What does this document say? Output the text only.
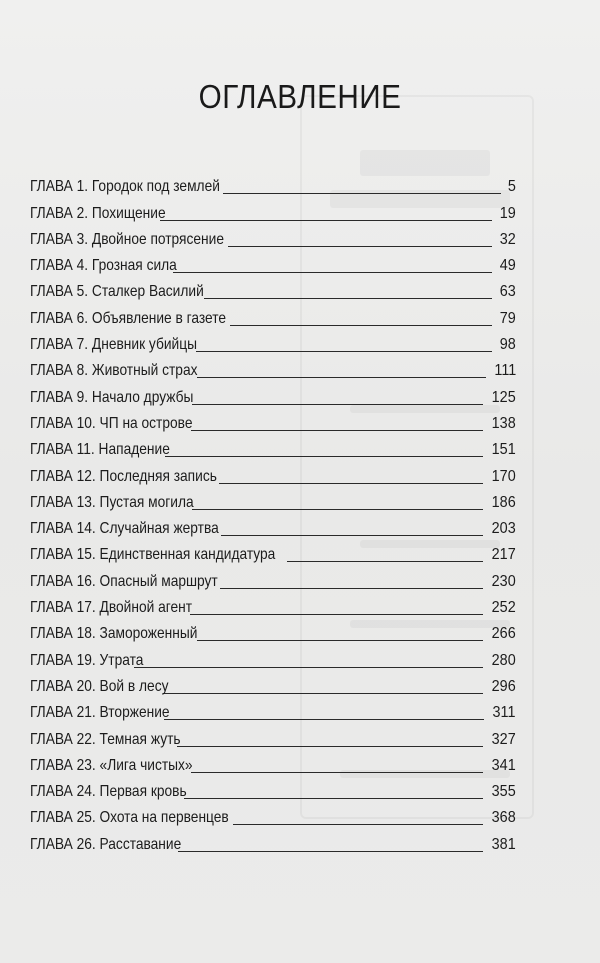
ОГЛАВЛЕНИЕ
ГЛАВА 1. Городок под землей	5
ГЛАВА 2. Похищение	19
ГЛАВА 3. Двойное потрясение	32
ГЛАВА 4. Грозная сила	49
ГЛАВА 5. Сталкер Василий	63
ГЛАВА 6. Объявление в газете	79
ГЛАВА 7. Дневник убийцы	98
ГЛАВА 8. Животный страх	111
ГЛАВА 9. Начало дружбы	125
ГЛАВА 10. ЧП на острове	138
ГЛАВА 11. Нападение	151
ГЛАВА 12. Последняя запись	170
ГЛАВА 13. Пустая могила	186
ГЛАВА 14. Случайная жертва	203
ГЛАВА 15. Единственная кандидатура	217
ГЛАВА 16. Опасный маршрут	230
ГЛАВА 17. Двойной агент	252
ГЛАВА 18. Замороженный	266
ГЛАВА 19. Утрата	280
ГЛАВА 20. Вой в лесу	296
ГЛАВА 21. Вторжение	311
ГЛАВА 22. Темная жуть	327
ГЛАВА 23. «Лига чистых»	341
ГЛАВА 24. Первая кровь	355
ГЛАВА 25. Охота на первенцев	368
ГЛАВА 26. Расставание	381
